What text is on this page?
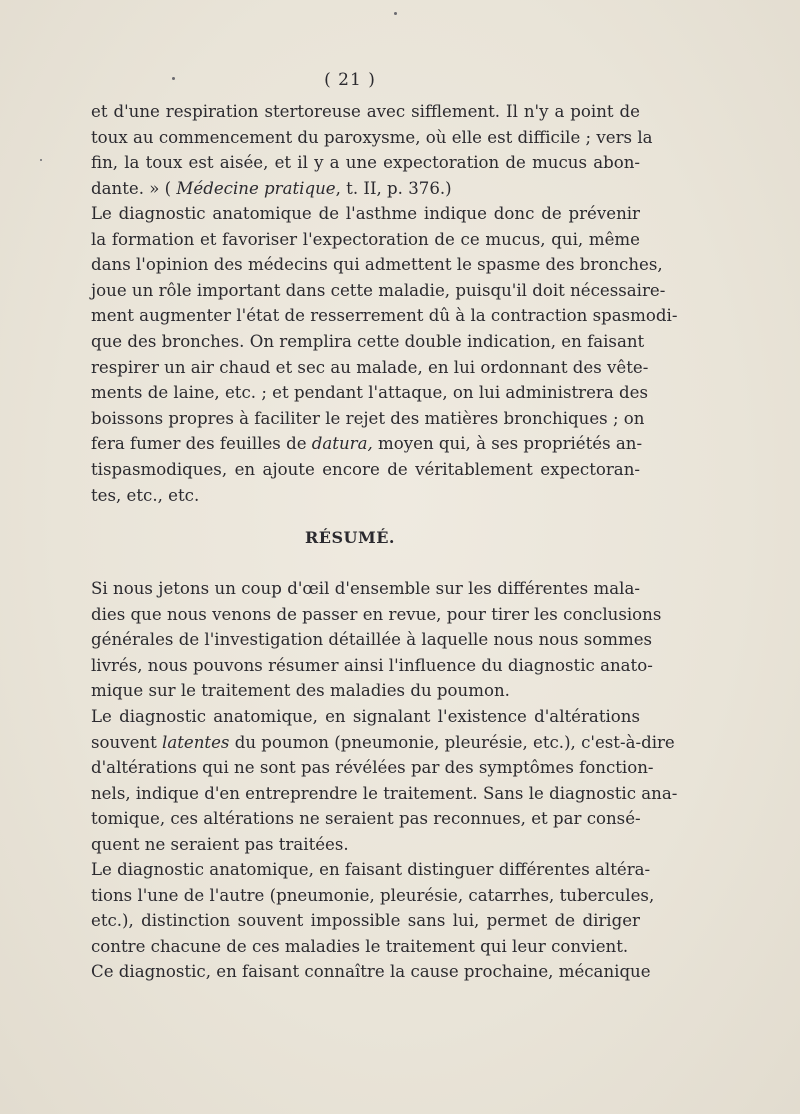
( 21 )
et d'une respiration stertoreuse avec sifflement. Il n'y a point de
toux au commencement du paroxysme, où elle est difficile ; vers la
fin, la toux est aisée, et il y a une expectoration de mucus abon-
dante. » ( Médecine pratique, t. II, p. 376.)
Le diagnostic anatomique de l'asthme indique donc de prévenir
la formation et favoriser l'expectoration de ce mucus, qui, même
dans l'opinion des médecins qui admettent le spasme des bronches,
joue un rôle important dans cette maladie, puisqu'il doit nécessaire-
ment augmenter l'état de resserrement dû à la contraction spasmodi-
que des bronches. On remplira cette double indication, en faisant
respirer un air chaud et sec au malade, en lui ordonnant des vête-
ments de laine, etc. ; et pendant l'attaque, on lui administrera des
boissons propres à faciliter le rejet des matières bronchiques ; on
fera fumer des feuilles de datura, moyen qui, à ses propriétés an-
tispasmodiques, en ajoute encore de véritablement expectoran-
tes, etc., etc.
RÉSUMÉ.
Si nous jetons un coup d'œil d'ensemble sur les différentes mala-
dies que nous venons de passer en revue, pour tirer les conclusions
générales de l'investigation détaillée à laquelle nous nous sommes
livrés, nous pouvons résumer ainsi l'influence du diagnostic anato-
mique sur le traitement des maladies du poumon.
Le diagnostic anatomique, en signalant l'existence d'altérations
souvent latentes du poumon (pneumonie, pleurésie, etc.), c'est-à-dire
d'altérations qui ne sont pas révélées par des symptômes fonction-
nels, indique d'en entreprendre le traitement. Sans le diagnostic ana-
tomique, ces altérations ne seraient pas reconnues, et par consé-
quent ne seraient pas traitées.
Le diagnostic anatomique, en faisant distinguer différentes altéra-
tions l'une de l'autre (pneumonie, pleurésie, catarrhes, tubercules,
etc.), distinction souvent impossible sans lui, permet de diriger
contre chacune de ces maladies le traitement qui leur convient.
Ce diagnostic, en faisant connaître la cause prochaine, mécanique
